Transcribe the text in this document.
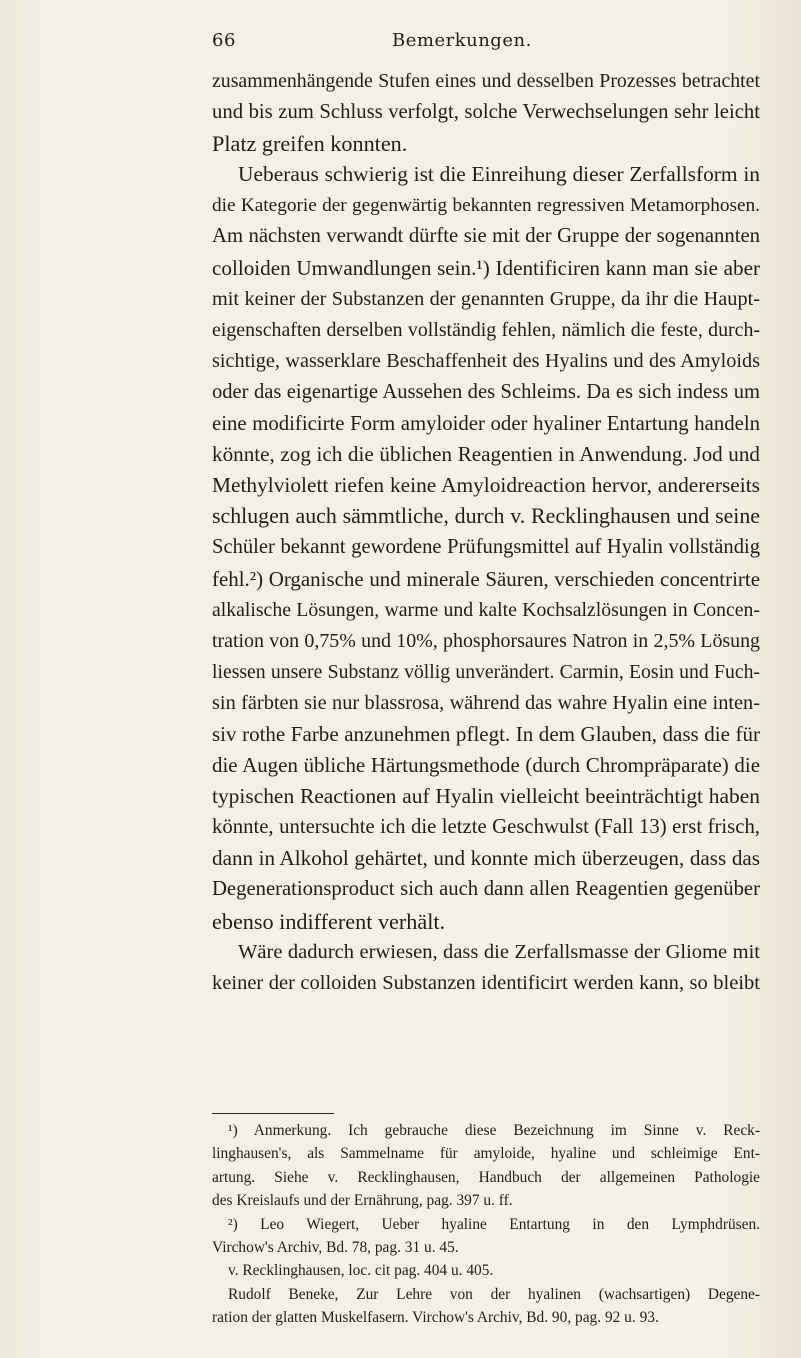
66	Bemerkungen.
zusammenhängende Stufen eines und desselben Prozesses betrachtet
und bis zum Schluss verfolgt, solche Verwechselungen sehr leicht
Platz greifen konnten.
Ueberaus schwierig ist die Einreihung dieser Zerfallsform in
die Kategorie der gegenwärtig bekannten regressiven Metamorphosen.
Am nächsten verwandt dürfte sie mit der Gruppe der sogenannten
colloiden Umwandlungen sein.¹) Identificiren kann man sie aber
mit keiner der Substanzen der genannten Gruppe, da ihr die Haupt-
eigenschaften derselben vollständig fehlen, nämlich die feste, durch-
sichtige, wasserklare Beschaffenheit des Hyalins und des Amyloids
oder das eigenartige Aussehen des Schleims. Da es sich indess um
eine modificirte Form amyloider oder hyaliner Entartung handeln
könnte, zog ich die üblichen Reagentien in Anwendung. Jod und
Methylviolett riefen keine Amyloidreaction hervor, andererseits
schlugen auch sämmtliche, durch v. Recklinghausen und seine
Schüler bekannt gewordene Prüfungsmittel auf Hyalin vollständig
fehl.²) Organische und minerale Säuren, verschieden concentrirte
alkalische Lösungen, warme und kalte Kochsalzlösungen in Concen-
tration von 0,75% und 10%, phosphorsaures Natron in 2,5% Lösung
liessen unsere Substanz völlig unverändert. Carmin, Eosin und Fuch-
sin färbten sie nur blassrosa, während das wahre Hyalin eine inten-
siv rothe Farbe anzunehmen pflegt. In dem Glauben, dass die für
die Augen übliche Härtungsmethode (durch Chrompräparate) die
typischen Reactionen auf Hyalin vielleicht beeinträchtigt haben
könnte, untersuchte ich die letzte Geschwulst (Fall 13) erst frisch,
dann in Alkohol gehärtet, und konnte mich überzeugen, dass das
Degenerationsproduct sich auch dann allen Reagentien gegenüber
ebenso indifferent verhält.
Wäre dadurch erwiesen, dass die Zerfallsmasse der Gliome mit
keiner der colloiden Substanzen identificirt werden kann, so bleibt
¹) Anmerkung. Ich gebrauche diese Bezeichnung im Sinne v. Reck-
linghausen's, als Sammelname für amyloide, hyaline und schleimige Ent-
artung. Siehe v. Recklinghausen, Handbuch der allgemeinen Pathologie
des Kreislaufs und der Ernährung, pag. 397 u. ff.
²) Leo Wiegert, Ueber hyaline Entartung in den Lymphdrüsen.
Virchow's Archiv, Bd. 78, pag. 31 u. 45.
v. Recklinghausen, loc. cit pag. 404 u. 405.
Rudolf Beneke, Zur Lehre von der hyalinen (wachsartigen) Degene-
ration der glatten Muskelfasern. Virchow's Archiv, Bd. 90, pag. 92 u. 93.
